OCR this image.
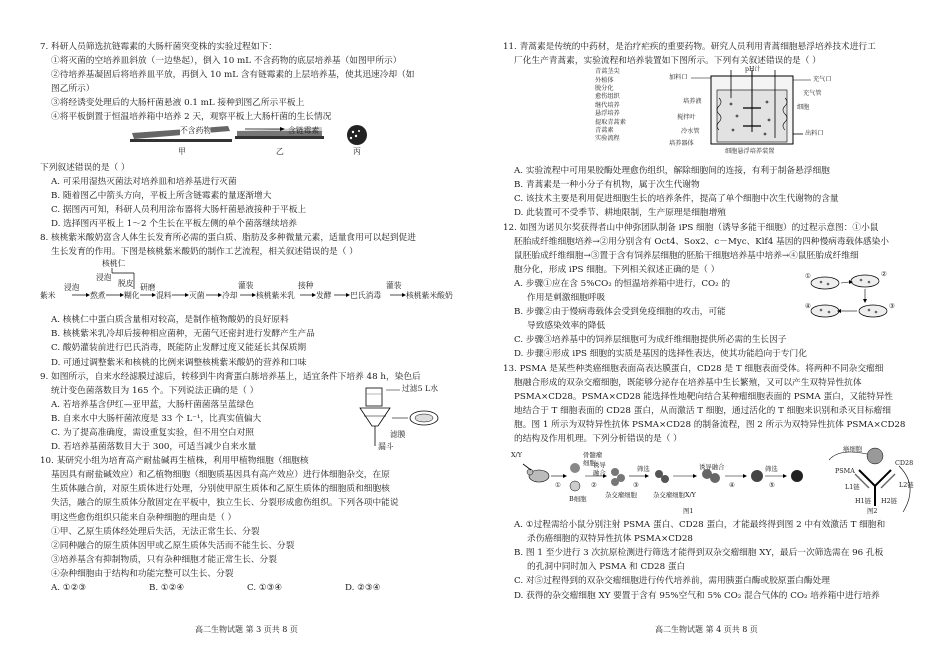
7. 科研人员筛选抗链霉素的大肠杆菌突变株的实验过程如下：

①将灭菌的空培养皿斜放（一边垫起），倒入 10 mL 不含药物的底层培养基（如图甲所示）

②待培养基凝固后将培养皿平放，再倒入 10 mL 含有链霉素的上层培养基，使其迅速冷却（如

图乙所示）

③将经诱变处理后的大肠杆菌悬液 0.1 mL 接种到图乙所示平板上

④将平板倒置于恒温培养箱中培养 2 天，观察平板上大肠杆菌的生长情况

不含药物	含链霉素
甲	乙	丙

下列叙述错误的是（ ）

A. 可采用湿热灭菌法对培养皿和培养基进行灭菌

B. 随着图乙中箭头方向，平板上所含链霉素的量逐渐增大

C. 据图丙可知，科研人员利用涂布器将大肠杆菌悬液接种于平板上

D. 选择图丙平板上 1～2 个生长在平板左侧的单个菌落继续培养

8. 核桃紫米酸奶富含人体生长发育所必需的蛋白质、脂肪及多种微量元素，适量食用可以起到促进

生长发育的作用。下图是核桃紫米酸奶的制作工艺流程，相关叙述错误的是（ ）

核桃仁
浸泡
浸泡
脱皮 研磨
紫米	熬煮 糊化 混料 灭菌 冷却
灌装
核桃紫米乳
接种
发酵 巴氏消毒
灌装
核桃紫米酸奶

A. 核桃仁中蛋白质含量相对较高，是制作植物酸奶的良好原料

B. 核桃紫米乳冷却后接种相应菌种，无菌气还密封进行发酵产生产品

C. 酸奶灌装前进行巴氏消毒，既能防止发酵过度又能延长其保质期

D. 可通过调整紫米和核桃的比例来调整核桃紫米酸奶的营养和口味

9. 如图所示，自来水经滤膜过滤后，转移到牛肉膏蛋白胨培养基上，适宜条件下培养 48 h，染色后

统计变色菌落数目为 165 个。下列说法正确的是（ ）

A. 若培养基含伊红—亚甲蓝，大肠杆菌菌落呈蓝绿色

B. 自来水中大肠杆菌浓度是 33 个 L⁻¹，比真实值偏大

C. 为了提高准确度，需设重复实验，但不用空白对照

D. 若培养基菌落数目大于 300，可适当减少自来水量

过滤5 L水
滤膜
漏斗

10. 某研究小组为培育高产耐盐碱再生植株，利用甲植物细胞（细胞核

基因具有耐盐碱效应）和乙植物细胞（细胞质基因具有高产效应）进行体细胞杂交，在原

生质体融合前，对原生质体进行处理，分别使甲原生质体和乙原生质体的细胞质和细胞核

失活，融合的原生质体分散固定在平板中，独立生长、分裂形成愈伤组织。下列各项中能说

明这些愈伤组织只能来自杂种细胞的理由是（ ）

①甲、乙原生质体经处理后失活，无法正常生长、分裂

②同种融合的原生质体因甲或乙原生质体失活而不能生长、分裂

③培养基含有抑制物质，只有杂种细胞才能正常生长、分裂

④杂种细胞由于结构和功能完整可以生长、分裂

A. ①②③	B. ①②④	C. ①③④	D. ②③④

高二生物试题 第 3 页共 8 页

11. 青蒿素是传统的中药材，是治疗疟疾的重要药物。研究人员利用青蒿细胞悬浮培养技术进行工

厂化生产青蒿素，实验流程和培养装置如下图所示。下列有关叙述错误的是（ ）

青蒿茎尖
外植体
脱分化
愈伤组织
继代培养
悬浮培养
提取青蒿素
青蒿素
实验流程
加料口
pH计
充气口
充气管
培养液
细胞
搅拌叶
冷水管
培养器体
出料口
细胞悬浮培养装置

A. 实验流程中可用果胶酶处理愈伤组织，解除细胞间的连接，有利于制备悬浮细胞

B. 青蒿素是一种小分子有机物，属于次生代谢物

C. 该技术主要是利用促进细胞生长的培养条件，提高了单个细胞中次生代谢物的含量

D. 此装置可不受季节、耕地限制，生产原理是细胞增殖

12. 如图为诺贝尔奖获得者山中伸弥团队制备 iPS 细胞（诱导多能干细胞）的过程示意图：①小鼠

胚胎成纤维细胞培养→②用分别含有 Oct4、Sox2、c－Myc、Klf4 基因的四种慢病毒载体感染小

鼠胚胎成纤维细胞→③置于含有饲养层细胞的胚胎干细胞培养基中培养→④鼠胚胎成纤维细

胞分化，形成 iPS 细胞。下列相关叙述正确的是（ ）

A. 步骤①应在含 5%CO₂ 的恒温培养箱中进行，CO₂ 的

作用是刺激细胞呼吸

B. 步骤②由于慢病毒载体会受到免疫细胞的攻击，可能

导致感染效率的降低

C. 步骤③培养基中的饲养层细胞可为成纤维细胞提供所必需的生长因子

D. 步骤④形成 iPS 细胞的实质是基因的选择性表达，使其功能趋向于专门化

①	②
③
④

13. PSMA 是某些种类癌细胞表面高表达膜蛋白，CD28 是 T 细胞表面受体。将两种不同杂交瘤细

胞融合形成的双杂交瘤细胞，既能够分泌存在培养基中生长繁殖，又可以产生双特异性抗体

PSMA×CD28。PSMA×CD28 能选择性地靶向结合某种瘤细胞表面的 PSMA 蛋白，又能特异性

地结合于 T 细胞表面的 CD28 蛋白，从而激活 T 细胞，通过活化的 T 细胞来识别和杀灭目标瘤细

胞。图 1 所示为双特异性抗体 PSMA×CD28 的制备流程，图 2 所示为双特异性抗体 PSMA×CD28

的结构及作用机理。下列分析错误的是（ ）

X/Y	骨髓瘤
细胞
B细胞
诱导
融合
杂交瘤细胞
筛选
杂交瘤细胞X/Y
诱导融合	筛选
图1	图2
癌细胞
PSMA
CD28
L1链	L2链
H1链 H2链
①	②	③	④	⑤

A. ①过程需给小鼠分别注射 PSMA 蛋白、CD28 蛋白，才能最终得到图 2 中有效激活 T 细胞和

杀伤癌细胞的双特异性抗体 PSMA×CD28

B. 图 1 至少进行 3 次抗原检测进行筛选才能得到双杂交瘤细胞 XY，最后一次筛选需在 96 孔板

的孔洞中同时加入 PSMA 和 CD28 蛋白

C. 对⑤过程得到的双杂交瘤细胞进行传代培养前，需用胰蛋白酶或胶原蛋白酶处理

D. 获得的杂交瘤细胞 XY 要置于含有 95%空气和 5% CO₂ 混合气体的 CO₂ 培养箱中进行培养

高二生物试题 第 4 页共 8 页
